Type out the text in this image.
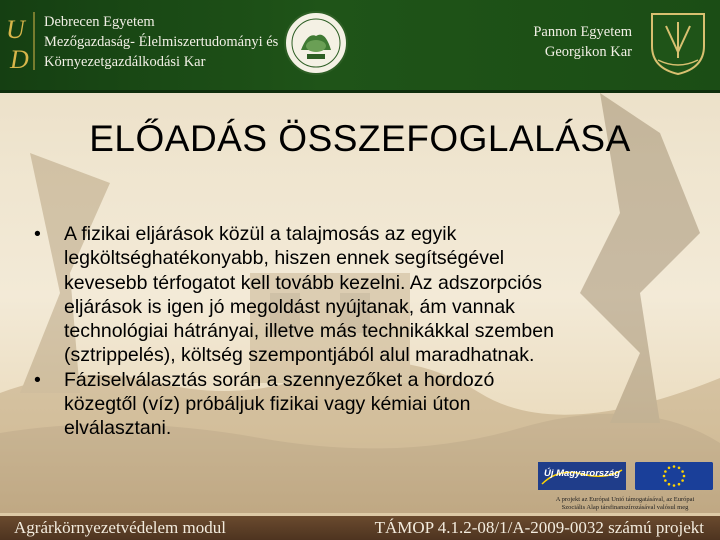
U
D
Debrecen Egyetem
Mezőgazdaság- Élelmiszertudományi és
Környezetgazdálkodási Kar
Pannon Egyetem
Georgikon Kar
ELŐADÁS ÖSSZEFOGLALÁSA
• A fizikai eljárások közül a talajmosás az egyik
legköltséghatékonyabb, hiszen ennek segítségével
kevesebb térfogatot kell tovább kezelni. Az adszorpciós
eljárások is igen jó megoldást nyújtanak, ám vannak
technológiai hátrányai, illetve más technikákkal szemben
(sztrippelés), költség szempontjából alul maradhatnak.
• Fáziselválasztás során a szennyezőket a hordozó
közegtől (víz) próbáljuk fizikai vagy kémiai úton
elválasztani.
Új Magyarország
A projekt az Európai Unió támogatásával, az Európai
Szociális Alap társfinanszírozásával valósul meg
Agrárkörnyezetvédelem modul	TÁMOP 4.1.2-08/1/A-2009-0032 számú projekt
